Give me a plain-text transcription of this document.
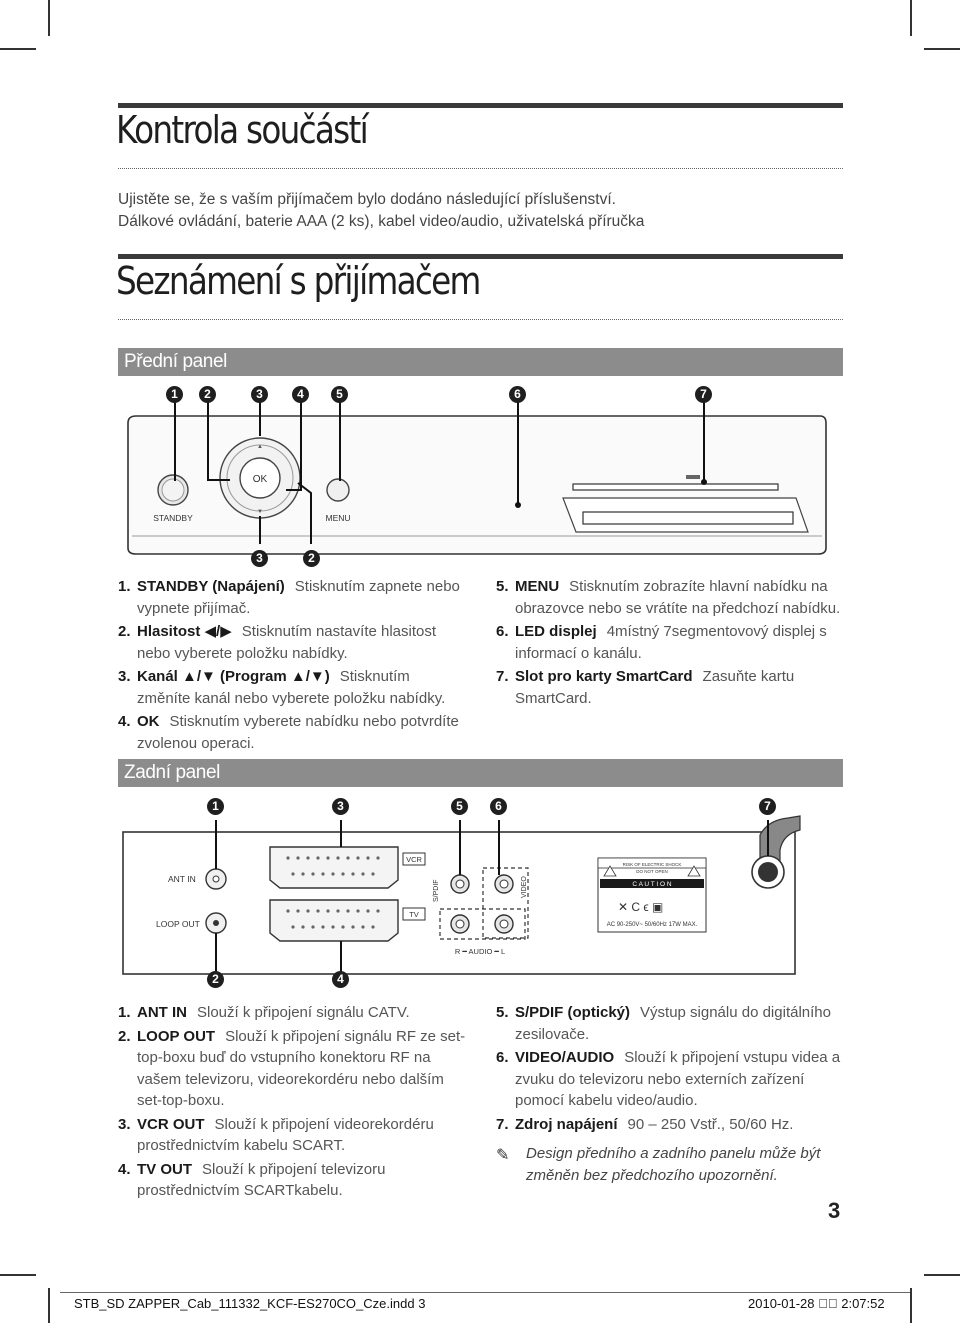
Kontrola součástí
Ujistěte se, že s vaším přijímačem bylo dodáno následující příslušenství.
Dálkové ovládání, baterie AAA (2 ks), kabel video/audio, uživatelská příručka
Seznámení s přijímačem
Přední panel
STANDBY
OK
▲
▼
MENU
1	2	3	4	5	6	7
3	2
1. STANDBY (Napájení) Stisknutím zapnete nebo vypnete přijímač.
2. Hlasitost ◀/▶ Stisknutím nastavíte hlasitost nebo vyberete položku nabídky.
3. Kanál ▲/▼ (Program ▲/▼) Stisknutím změníte kanál nebo vyberete položku nabídky.
4. OK Stisknutím vyberete nabídku nebo potvrdíte zvolenou operaci.
5. MENU Stisknutím zobrazíte hlavní nabídku na obrazovce nebo se vrátíte na předchozí nabídku.
6. LED displej 4místný 7segmentovový displej s informací o kanálu.
7. Slot pro karty SmartCard Zasuňte kartu SmartCard.
Zadní panel
ANT IN
LOOP OUT
VCR
TV
S/PDIF	VIDEO
R ━ AUDIO ━ L
RISK OF ELECTRIC SHOCK
DO NOT OPEN
C A U T I O N
✕ C ϵ ▣
AC 90-250V~ 50/60Hz 17W MAX.
1	3	5	6	7
2	4
1. ANT IN Slouží k připojení signálu CATV.
2. LOOP OUT Slouží k připojení signálu RF ze set-top-boxu buď do vstupního konektoru RF na vašem televizoru, videorekordéru nebo dalším set-top-boxu.
3. VCR OUT Slouží k připojení videorekordéru prostřednictvím kabelu SCART.
4. TV OUT Slouží k připojení televizoru prostřednictvím SCARTkabelu.
5. S/PDIF (optický) Výstup signálu do digitálního zesilovače.
6. VIDEO/AUDIO Slouží k připojení vstupu videa a zvuku do televizoru nebo externích zařízení pomocí kabelu video/audio.
7. Zdroj napájení 90 – 250 Vstř., 50/60 Hz.
✎	Design předního a zadního panelu může být změněn bez předchozího upozornění.
3
STB_SD ZAPPER_Cab_111332_KCF-ES270CO_Cze.indd 3	2010-01-28    2:07:52
